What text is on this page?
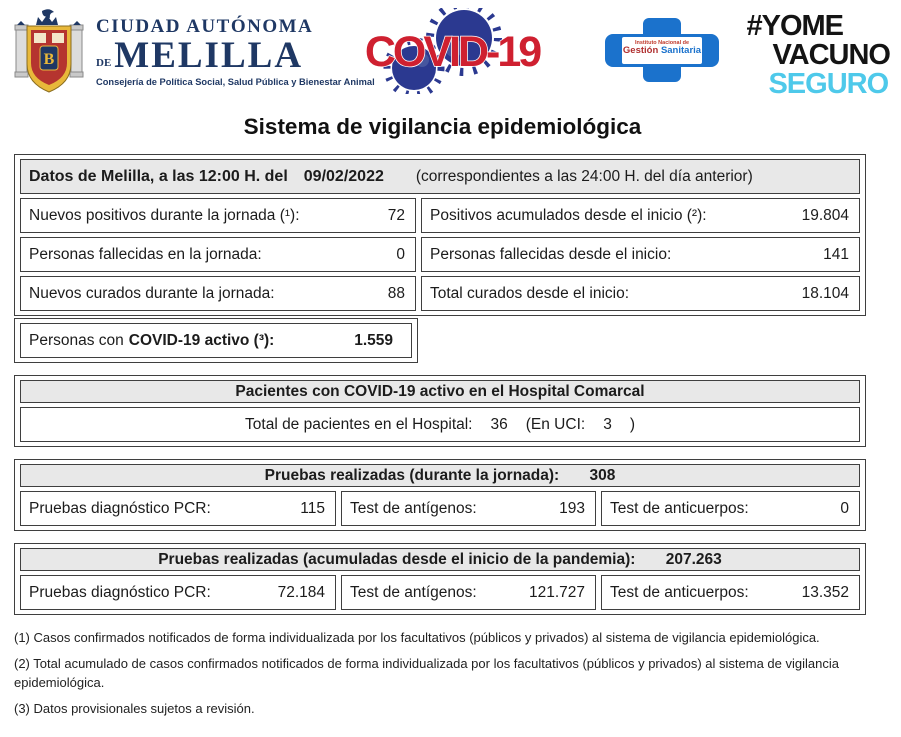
B
CIUDAD AUTÓNOMA
DE MELILLA
Consejería de Política Social, Salud Pública y Bienestar Animal
COVID-19	Instituto Nacional de
Gestión Sanitaria
#YOME
VACUNO
SEGURO
Sistema de vigilancia epidemiológica
Datos de Melilla, a las 12:00 H. del 09/02/2022 (correspondientes a las 24:00 H. del día anterior)	

Nuevos positivos durante la jornada (¹): 72	Positivos acumulados desde el inicio (²): 19.804

Personas fallecidas en la jornada: 0	Personas fallecidas desde el inicio: 141

Nuevos curados durante la jornada: 88	Total curados desde el inicio: 18.104
Personas con COVID-19 activo (³):	1.559
Pacientes con COVID-19 activo en el Hospital Comarcal

Total de pacientes en el Hospital: 36 (En UCI: 3 )
Pruebas realizadas (durante la jornada): 308

Pruebas diagnóstico PCR:	115	Test de antígenos:	193	Test de anticuerpos:	0
Pruebas realizadas (acumuladas desde el inicio de la pandemia): 207.263

Pruebas diagnóstico PCR:	72.184	Test de antígenos:	121.727	Test de anticuerpos:	13.352

(1) Casos confirmados notificados de forma individualizada por los facultativos (públicos y privados) al sistema de vigilancia epidemiológica.

(2) Total acumulado de casos confirmados notificados de forma individualizada por los facultativos (públicos y privados) al sistema de vigilancia epidemiológica.

(3) Datos provisionales sujetos a revisión.
